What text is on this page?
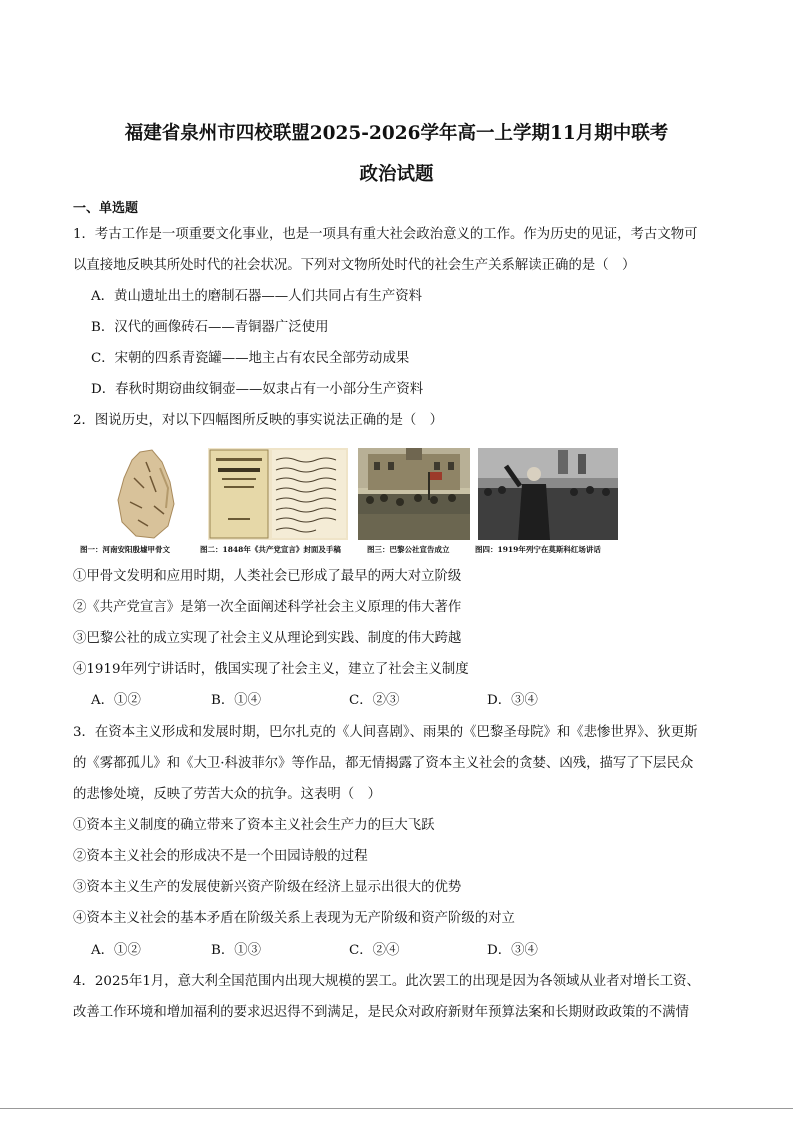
福建省泉州市四校联盟2025-2026学年高一上学期11月期中联考
政治试题
一、单选题
1．考古工作是一项重要文化事业，也是一项具有重大社会政治意义的工作。作为历史的见证，考古文物可
以直接地反映其所处时代的社会状况。下列对文物所处时代的社会生产关系解读正确的是（　）
A．黄山遗址出土的磨制石器——人们共同占有生产资料
B．汉代的画像砖石——青铜器广泛使用
C．宋朝的四系青瓷罐——地主占有农民全部劳动成果
D．春秋时期窃曲纹铜壶——奴隶占有一小部分生产资料
2．图说历史，对以下四幅图所反映的事实说法正确的是（　）
图一：河南安阳殷墟甲骨文	图二：1848年《共产党宣言》封面及手稿	图三：巴黎公社宣告成立	图四：1919年列宁在莫斯科红场讲话
①甲骨文发明和应用时期，人类社会已形成了最早的两大对立阶级
②《共产党宣言》是第一次全面阐述科学社会主义原理的伟大著作
③巴黎公社的成立实现了社会主义从理论到实践、制度的伟大跨越
④1919年列宁讲话时，俄国实现了社会主义，建立了社会主义制度
A．①②	B．①④	C．②③	D．③④
3．在资本主义形成和发展时期，巴尔扎克的《人间喜剧》、雨果的《巴黎圣母院》和《悲惨世界》、狄更斯
的《雾都孤儿》和《大卫·科波菲尔》等作品，都无情揭露了资本主义社会的贪婪、凶残，描写了下层民众
的悲惨处境，反映了劳苦大众的抗争。这表明（　）
①资本主义制度的确立带来了资本主义社会生产力的巨大飞跃
②资本主义社会的形成决不是一个田园诗般的过程
③资本主义生产的发展使新兴资产阶级在经济上显示出很大的优势
④资本主义社会的基本矛盾在阶级关系上表现为无产阶级和资产阶级的对立
A．①②	B．①③	C．②④	D．③④
4．2025年1月，意大利全国范围内出现大规模的罢工。此次罢工的出现是因为各领域从业者对增长工资、
改善工作环境和增加福利的要求迟迟得不到满足，是民众对政府新财年预算法案和长期财政政策的不满情
